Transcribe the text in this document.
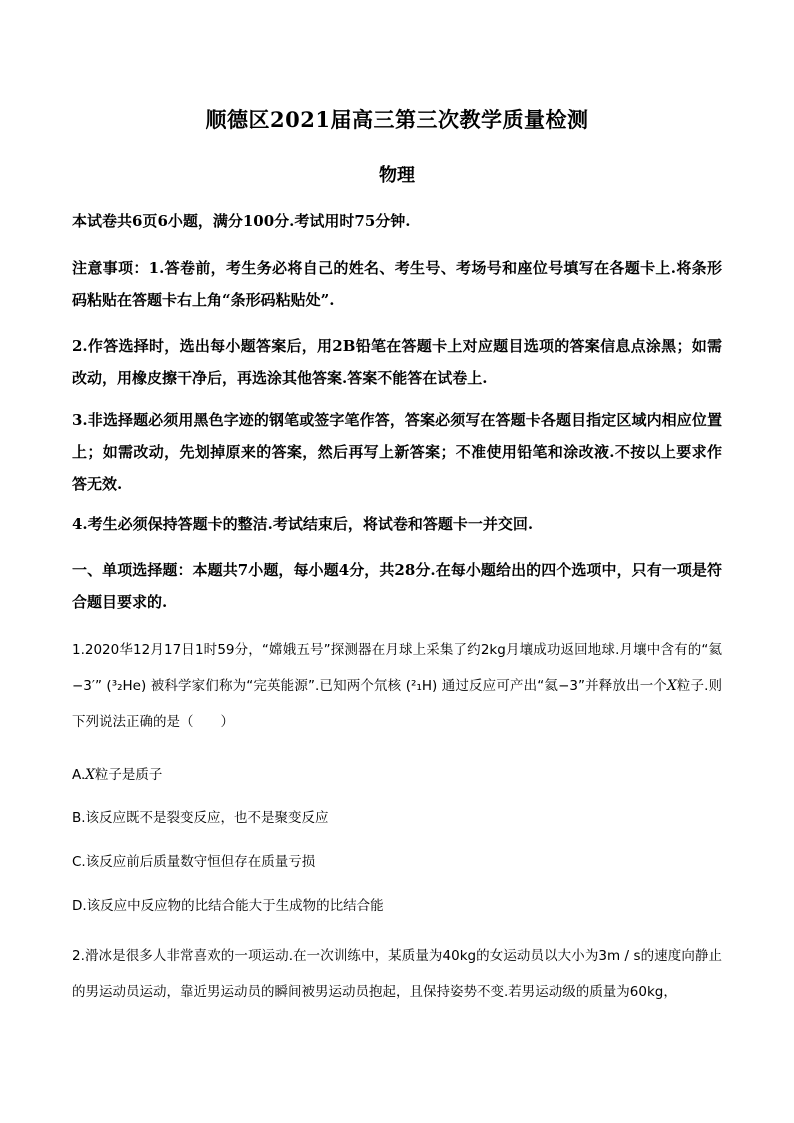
顺德区2021届高三第三次教学质量检测
物理
本试卷共6页6小题，满分100分.考试用时75分钟.
注意事项：1.答卷前，考生务必将自己的姓名、考生号、考场号和座位号填写在各题卡上.将条形码粘贴在答题卡右上角“条形码粘贴处”.
2.作答选择时，选出每小题答案后，用2B铅笔在答题卡上对应题目选项的答案信息点涂黑；如需改动，用橡皮擦干净后，再选涂其他答案.答案不能答在试卷上.
3.非选择题必须用黑色字迹的钢笔或签字笔作答，答案必须写在答题卡各题目指定区域内相应位置上；如需改动，先划掉原来的答案，然后再写上新答案；不准使用铅笔和涂改液.不按以上要求作答无效.
4.考生必须保持答题卡的整洁.考试结束后，将试卷和答题卡一并交回.
一、单项选择题：本题共7小题，每小题4分，共28分.在每小题给出的四个选项中，只有一项是符合题目要求的.
1.2020华12月17日1时59分，“嫦娥五号”探测器在月球上采集了约2kg月壤成功返回地球.月壤中含有的“氦−3′” (³₂He) 被科学家们称为“完英能源”.已知两个氘核 (²₁H) 通过反应可产出“氦−3”并释放出一个X粒子.则下列说法正确的是（　　）
A.X粒子是质子
B.该反应既不是裂变反应，也不是聚变反应
C.该反应前后质量数守恒但存在质量亏损
D.该反应中反应物的比结合能大于生成物的比结合能
2.滑冰是很多人非常喜欢的一项运动.在一次训练中，某质量为40kg的女运动员以大小为3m / s的速度向静止的男运动员运动，靠近男运动员的瞬间被男运动员抱起，且保持姿势不变.若男运动级的质量为60kg，
